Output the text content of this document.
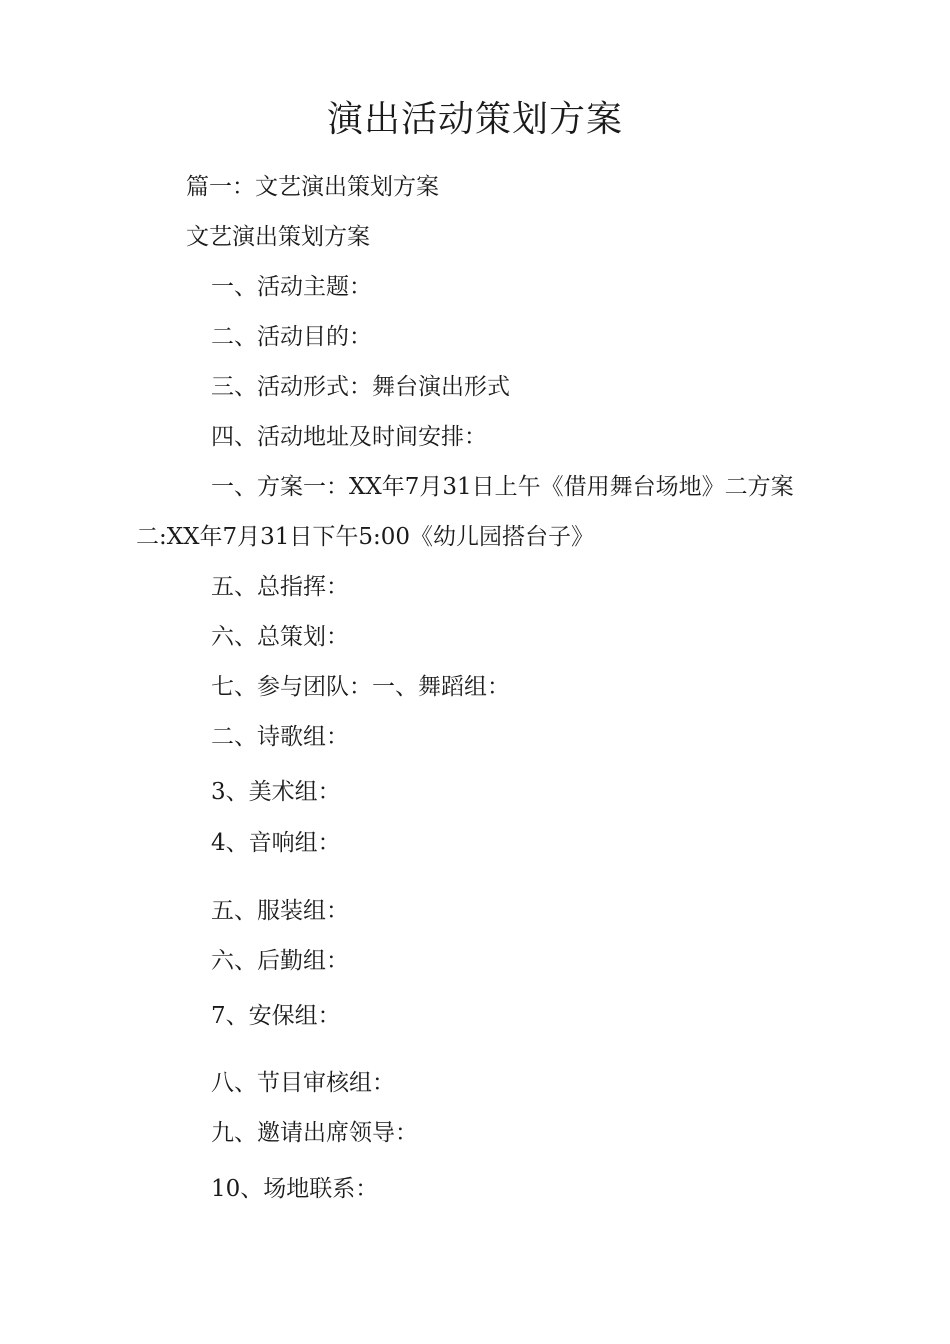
演出活动策划方案
篇一：文艺演出策划方案
文艺演出策划方案
一、活动主题：
二、活动目的：
三、活动形式：舞台演出形式
四、活动地址及时间安排：
一、方案一：XX年7月31日上午《借用舞台场地》二方案
二:XX年7月31日下午5:00《幼儿园搭台子》
五、总指挥：
六、总策划：
七、参与团队：一、舞蹈组：
二、诗歌组：
3、美术组：
4、音响组：
五、服装组：
六、后勤组：
7、安保组：
八、节目审核组：
九、邀请出席领导：
10、场地联系：
